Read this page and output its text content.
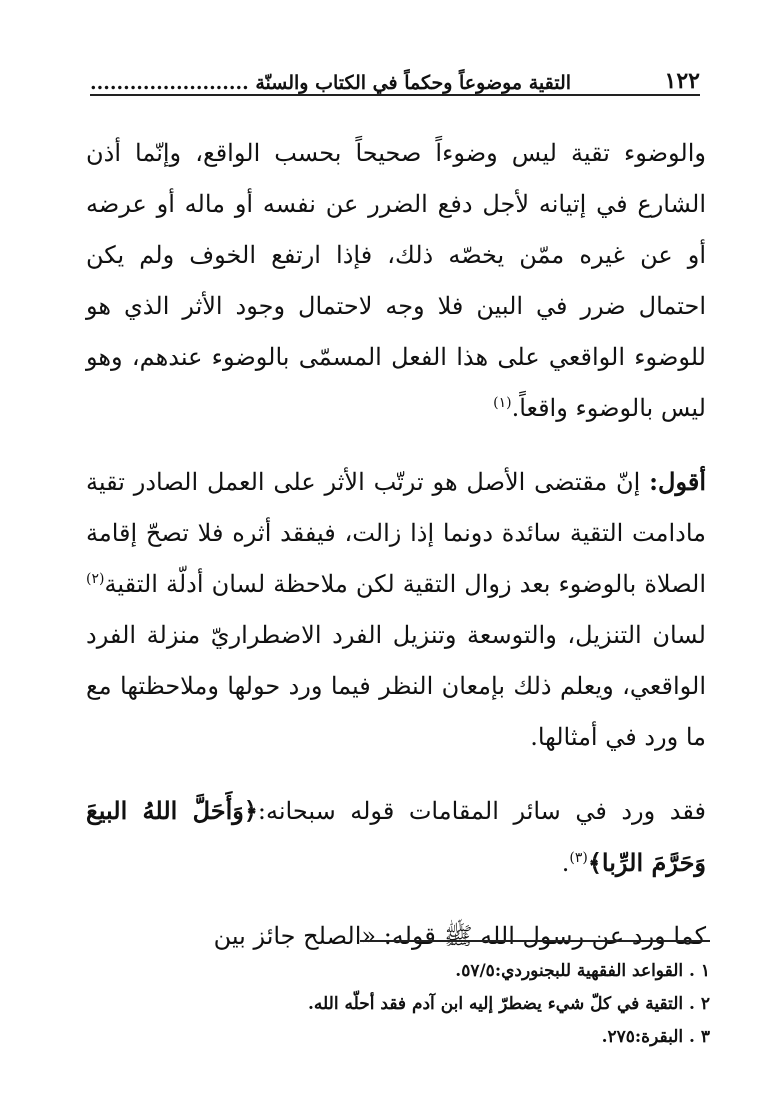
١٢٢
التقية موضوعاً وحكماً في الكتاب والسنّة ........................

والوضوء تقية ليس وضوءاً صحيحاً بحسب الواقع، وإنّما أذن الشارع في إتيانه لأجل دفع الضرر عن نفسه أو ماله أو عرضه أو عن غيره ممّن يخصّه ذلك، فإذا ارتفع الخوف ولم يكن احتمال ضرر في البين فلا وجه لاحتمال وجود الأثر الذي هو للوضوء الواقعي على هذا الفعل المسمّى بالوضوء عندهم، وهو ليس بالوضوء واقعاً.$^{(١)}$

أقول: إنّ مقتضى الأصل هو ترتّب الأثر على العمل الصادر تقية مادامت التقية سائدة دونما إذا زالت، فيفقد أثره فلا تصحّ إقامة الصلاة بالوضوء بعد زوال التقية لكن ملاحظة لسان أدلّة التقية$^{(٢)}$ لسان التنزيل، والتوسعة وتنزيل الفرد الاضطراريّ منزلة الفرد الواقعي، ويعلم ذلك بإمعان النظر فيما ورد حولها وملاحظتها مع ما ورد في أمثالها.

فقد ورد في سائر المقامات قوله سبحانه:﴿وَأَحَلَّ اللهُ البيعَ وَحَرَّمَ الرِّبا﴾$^{(٣)}$.

كما ورد عن رسول الله ﷺ قوله: «الصلح جائز بين

١ . القواعد الفقهية للبجنوردي:٥٧/٥.

٢ . التقية في كلّ شيء يضطرّ إليه ابن آدم فقد أحلّه الله.

٣ . البقرة:٢٧٥.
